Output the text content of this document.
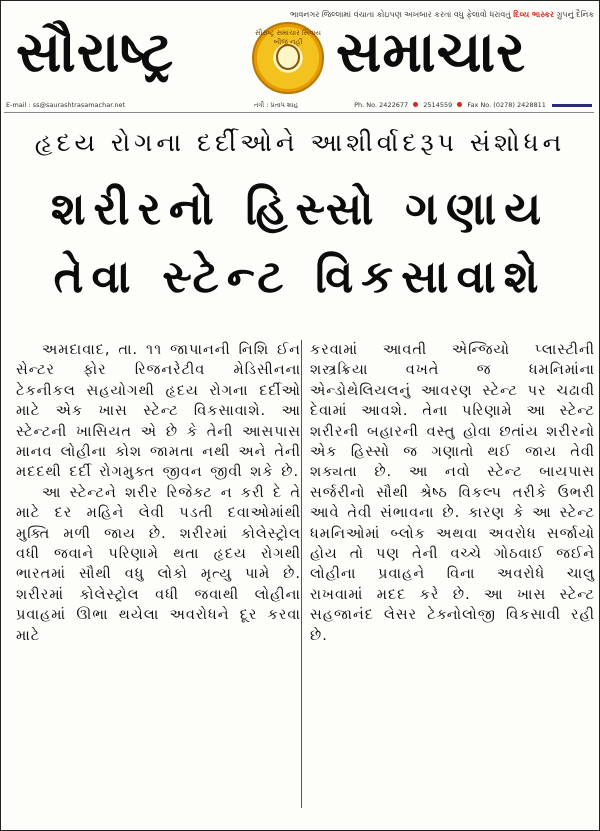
ભાવનગર જિલ્લામાં વંચાતા કોઇપણ અખબાર કરતાં વધુ ફેલાવો ધરાવતું દિવ્ય ભાસ્કર ગ્રુપનું દૈનિક
સૌરાષ્ટ્ર	સૌરાષ્ટ્ર સમાચાર સિવાય બીજું નહીં સમાચાર
E-mail : ss@saurashtrasamachar.net	તંત્રી : પ્રતાપ શાહ	Ph. No. 2422677 2514559 Fax No. (0278) 2428811
હૃદય રોગના દર્દીઓને આશીર્વાદરૂપ સંશોધન
શરીરનો હિસ્સો ગણાય
તેવા સ્ટેન્ટ વિકસાવાશે

અમદાવાદ, તા. ૧૧ જાપાનની નિશિ ઈન સેન્ટર ફોર રિજનરેટીવ મેડિસીનના ટેકનીકલ સહયોગથી હૃદય રોગના દર્દીઓ માટે એક ખાસ સ્ટેન્ટ વિકસાવાશે. આ સ્ટેન્ટની ખાસિયત એ છે કે તેની આસપાસ માનવ લોહીના કોશ જામતા નથી અને તેની મદદથી દર્દી રોગમુક્ત જીવન જીવી શકે છે.

આ સ્ટેન્ટને શરીર રિજેક્ટ ન કરી દે તે માટે દર મહિને લેવી પડતી દવાઓમાંથી મુક્તિ મળી જાય છે. શરીરમાં કોલેસ્ટ્રોલ વધી જવાને પરિણામે થતા હૃદય રોગથી ભારતમાં સૌથી વધુ લોકો મૃત્યુ પામે છે. શરીરમાં કોલેસ્ટ્રોલ વધી જવાથી લોહીના પ્રવાહમાં ઊભા થયેલા અવરોધને દૂર કરવા માટે

કરવામાં આવતી એન્જિયો પ્લાસ્ટીની શસ્ત્રક્રિયા વખતે જ ધમનિમાંના એન્ડોથેલિયલનું આવરણ સ્ટેન્ટ પર ચઢાવી દેવામાં આવશે. તેના પરિણામે આ સ્ટેન્ટ શરીરની બહારની વસ્તુ હોવા છતાંય શરીરનો એક હિસ્સો જ ગણાતો થઈ જાય તેવી શક્યતા છે. આ નવો સ્ટેન્ટ બાયપાસ સર્જરીનો સૌથી શ્રેષ્ઠ વિકલ્પ તરીકે ઉભરી આવે તેવી સંભાવના છે. કારણ કે આ સ્ટેન્ટ ધમનિઓમાં બ્લોક અથવા અવરોધ સર્જાયો હોય તો પણ તેની વચ્ચે ગોઠવાઈ જઈને લોહીના પ્રવાહને વિના અવરોધે ચાલુ રાખવામાં મદદ કરે છે. આ ખાસ સ્ટેન્ટ સહજાનંદ લેસર ટેક્નોલોજી વિકસાવી રહી છે.
